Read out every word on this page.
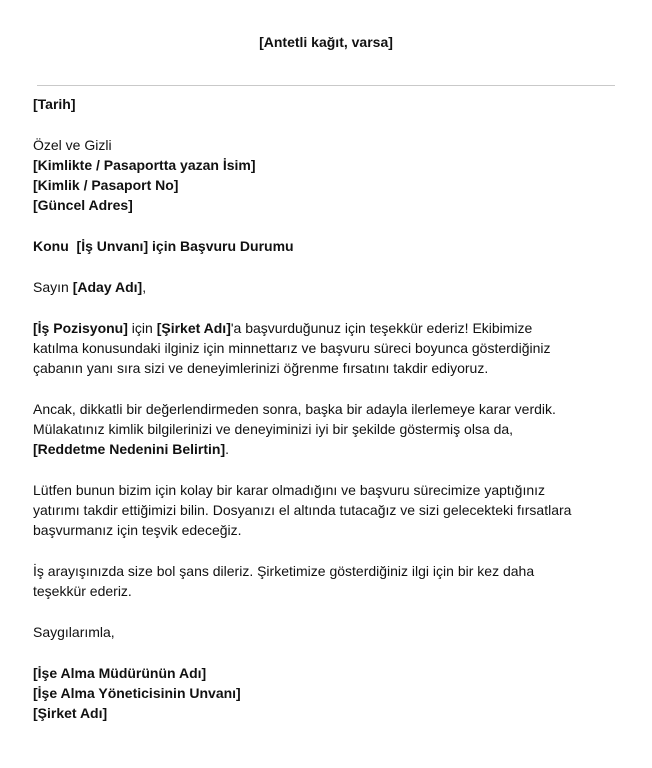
[Antetli kağıt, varsa]
[Tarih]
Özel ve Gizli
[Kimlikte / Pasaportta yazan İsim]
[Kimlik / Pasaport No]
[Güncel Adres]
Konu [İş Unvanı] için Başvuru Durumu
Sayın [Aday Adı],
[İş Pozisyonu] için [Şirket Adı]'a başvurduğunuz için teşekkür ederiz! Ekibimize
katılma konusundaki ilginiz için minnettarız ve başvuru süreci boyunca gösterdiğiniz
çabanın yanı sıra sizi ve deneyimlerinizi öğrenme fırsatını takdir ediyoruz.
Ancak, dikkatli bir değerlendirmeden sonra, başka bir adayla ilerlemeye karar verdik.
Mülakatınız kimlik bilgilerinizi ve deneyiminizi iyi bir şekilde göstermiş olsa da,
[Reddetme Nedenini Belirtin].
Lütfen bunun bizim için kolay bir karar olmadığını ve başvuru sürecimize yaptığınız
yatırımı takdir ettiğimizi bilin. Dosyanızı el altında tutacağız ve sizi gelecekteki fırsatlara
başvurmanız için teşvik edeceğiz.
İş arayışınızda size bol şans dileriz. Şirketimize gösterdiğiniz ilgi için bir kez daha
teşekkür ederiz.
Saygılarımla,
[İşe Alma Müdürünün Adı]
[İşe Alma Yöneticisinin Unvanı]
[Şirket Adı]
